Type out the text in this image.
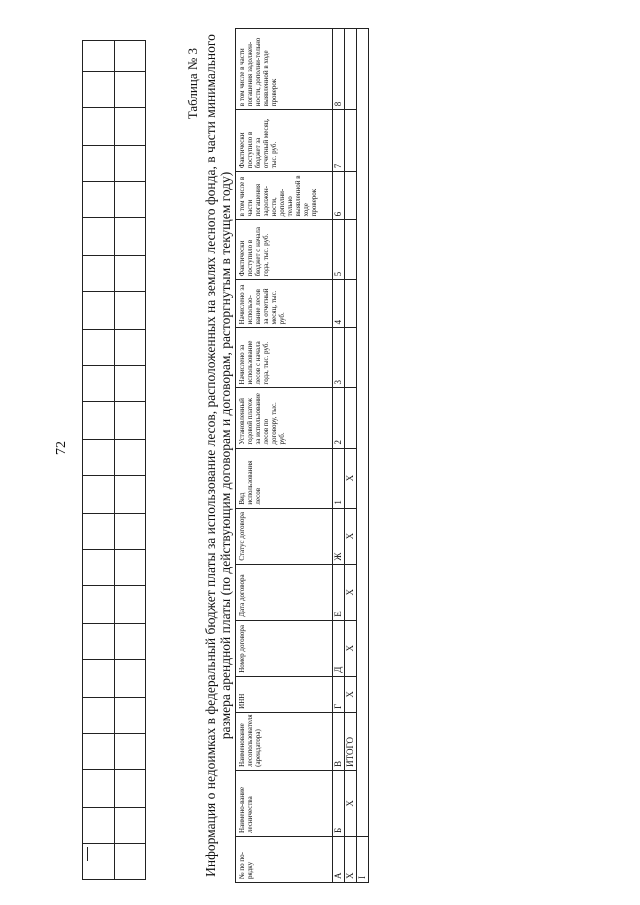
72
Таблица № 3 Информация о недоимках в федеральный бюджет платы за использование лесов, расположенных на землях лесного фонда, в части минимального размера арендной платы (по действующим договорам и договорам, расторгнутым в текущем году)
№ по по-рядку	Наимено-вание лесничества	Наименование лесопользователя (арендатора)	ИНН	Номер договора	Дата договора	Статус договора	Вид использования лесов	Установленный годовой платеж за использование лесов по договору, тыс. руб.	Начислено за использование лесов с начала года, тыс. руб.	Начислено за использо-вание лесов за отчетный месяц, тыс. руб.	Фактически поступило в бюджет с начала года, тыс. руб.	в том числе в части погашения задолжен-ности, дополни-тельно выявленной в ходе проверок	Фактически поступило в бюджет за отчетный месяц, тыс. руб.	в том числе в части погашения задолжен-ности, дополни-тельно выявленной в ходе проверок
А	Б	В	Г	Д	Е	Ж	1	2	3	4	5	6	7	8
Х	Х	ИТОГО	Х	Х	Х	Х	Х							
I														
